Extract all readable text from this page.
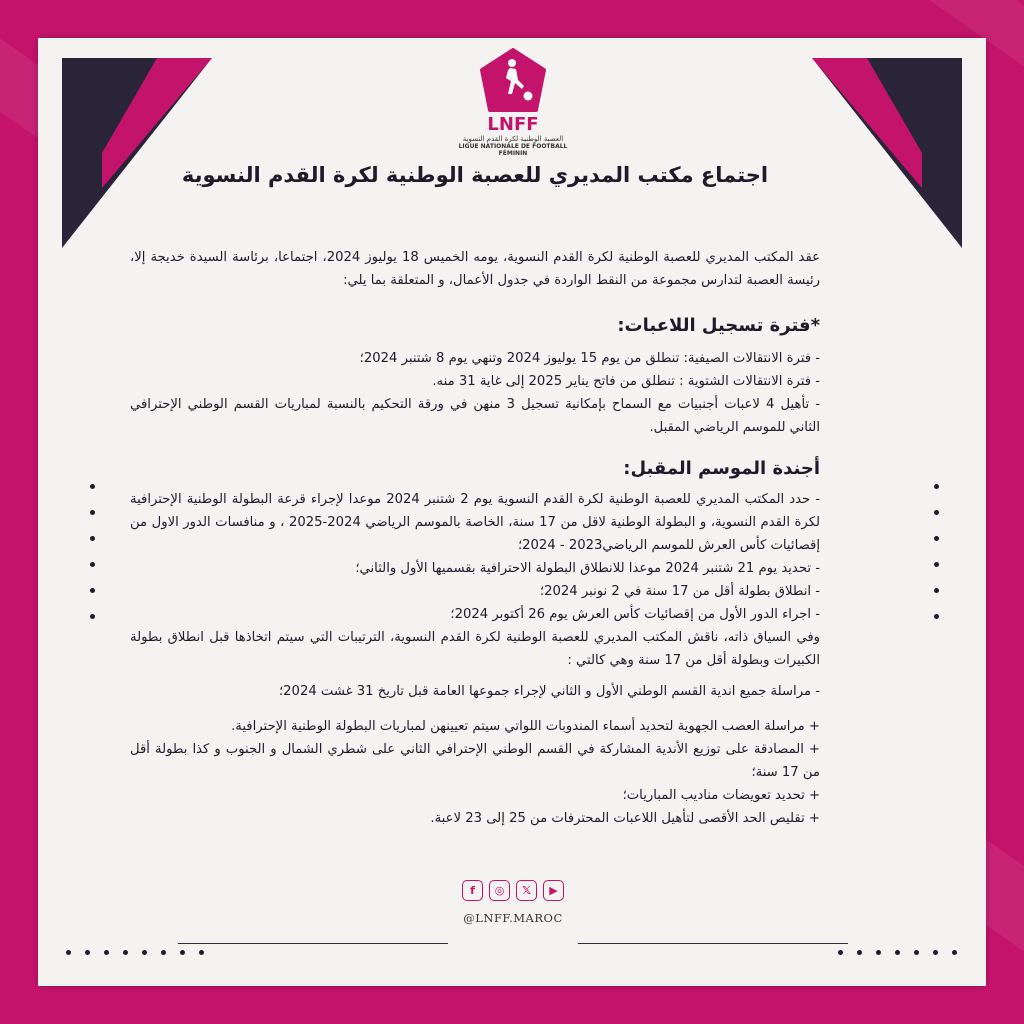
LNFF
العصبة الوطنية لكرة القدم النسوية
LIGUE NATIONALE DE FOOTBALL FÉMININ
f	◎	𝕏	▶
@LNFF.MAROC
اجتماع مكتب المديري للعصبة الوطنية لكرة القدم النسوية

عقد المكتب المديري للعصبة الوطنية لكرة القدم النسوية، يومه الخميس 18 يوليوز 2024، اجتماعا، برئاسة السيدة خديجة إلا، رئيسة العصبة لتدارس مجموعة من النقط الواردة في جدول الأعمال، و المتعلقة بما يلي:

*فترة تسجيل اللاعبات:

- فترة الانتقالات الصيفية: تنطلق من يوم 15 يوليوز 2024 وتنهي يوم 8 شتنبر 2024؛

- فترة الانتقالات الشتوية : تنطلق من فاتح يناير 2025 إلى غاية 31 منه.

- تأهيل 4 لاعبات أجنبيات مع السماح بإمكانية تسجيل 3 منهن في ورقة التحكيم بالنسبة لمباريات القسم الوطني الإحترافي الثاني للموسم الرياضي المقبل.

أجندة الموسم المقبل:

- حدد المكتب المديري للعصبة الوطنية لكرة القدم النسوية يوم 2 شتنبر 2024 موعدا لإجراء قرعة البطولة الوطنية الإحترافية لكرة القدم النسوية، و البطولة الوطنية لاقل من 17 سنة، الخاصة بالموسم الرياضي 2024-2025 ، و منافسات الدور الاول من إقصائيات كأس العرش للموسم الرياضي2023 - 2024؛

- تحديد يوم 21 شتنبر 2024 موعدا للانطلاق البطولة الاحترافية بقسميها الأول والثاني؛

- انطلاق بطولة أقل من 17 سنة في 2 نونبر 2024؛

- اجراء الدور الأول من إقصائيات كأس العرش يوم 26 أكتوبر 2024؛

وفي السياق ذاته، ناقش المكتب المديري للعصبة الوطنية لكرة القدم النسوية، الترتيبات التي سيتم اتخاذها قبل انطلاق بطولة الكبيرات وبطولة أقل من 17 سنة وهي كالتي :

- مراسلة جميع اندية القسم الوطني الأول و الثاني لإجراء جموعها العامة قبل تاريخ 31 غشت 2024؛

+ مراسلة العصب الجهوية لتحديد أسماء المندوبات اللواتي سيتم تعيينهن لمباريات البطولة الوطنية الإحترافية.

+ المصادقة على توزيع الأندية المشاركة في القسم الوطني الإحترافي الثاني على شطري الشمال و الجنوب و كذا بطولة أقل من 17 سنة؛

+ تحديد تعويضات مناديب المباريات؛

+ تقليص الحد الأقصى لتأهيل اللاعبات المحترفات من 25 إلى 23 لاعبة.
